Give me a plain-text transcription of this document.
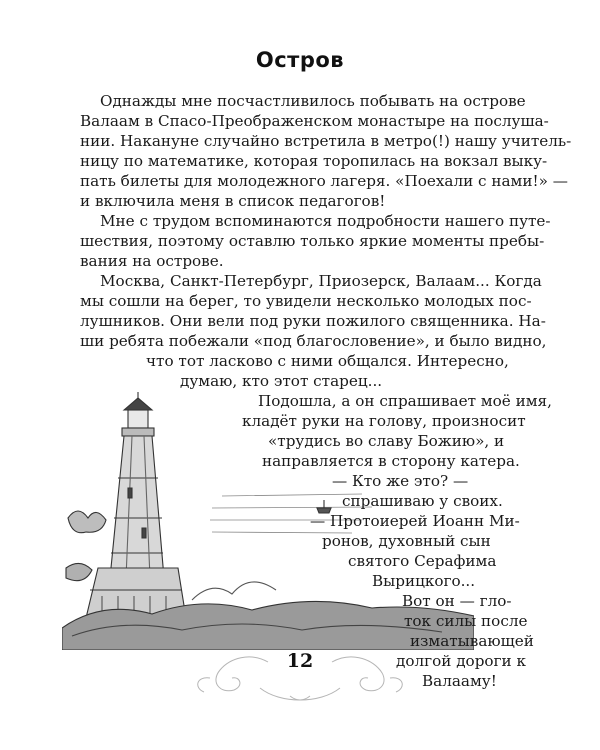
Остров
Однажды мне посчастливилось побывать на острове
Валаам в Спасо-Преображенском монастыре на послуша-
нии. Накануне случайно встретила в метро(!) нашу учитель-
ницу по математике, которая торопилась на вокзал выку-
пать билеты для молодежного лагеря. «Поехали с нами!» —
и включила меня в список педагогов!
Мне с трудом вспоминаются подробности нашего путе-
шествия, поэтому оставлю только яркие моменты пребы-
вания на острове.
Москва, Санкт-Петербург, Приозерск, Валаам... Когда
мы сошли на берег, то увидели несколько молодых пос-
лушников. Они вели под руки пожилого священника. На-
ши ребята побежали «под благословение», и было видно,
что тот ласково с ними общался. Интересно,
думаю, кто этот старец...
Подошла, а он спрашивает моё имя,
кладёт руки на голову, произносит
«трудись во славу Божию», и
направляется в сторону катера.
— Кто же это? —
спрашиваю у своих.
— Протоиерей Иоанн Ми-
ронов, духовный сын
святого Серафима
Вырицкого...
Вот он — гло-
ток силы после
изматывающей
долгой дороги к
Валааму!
12
